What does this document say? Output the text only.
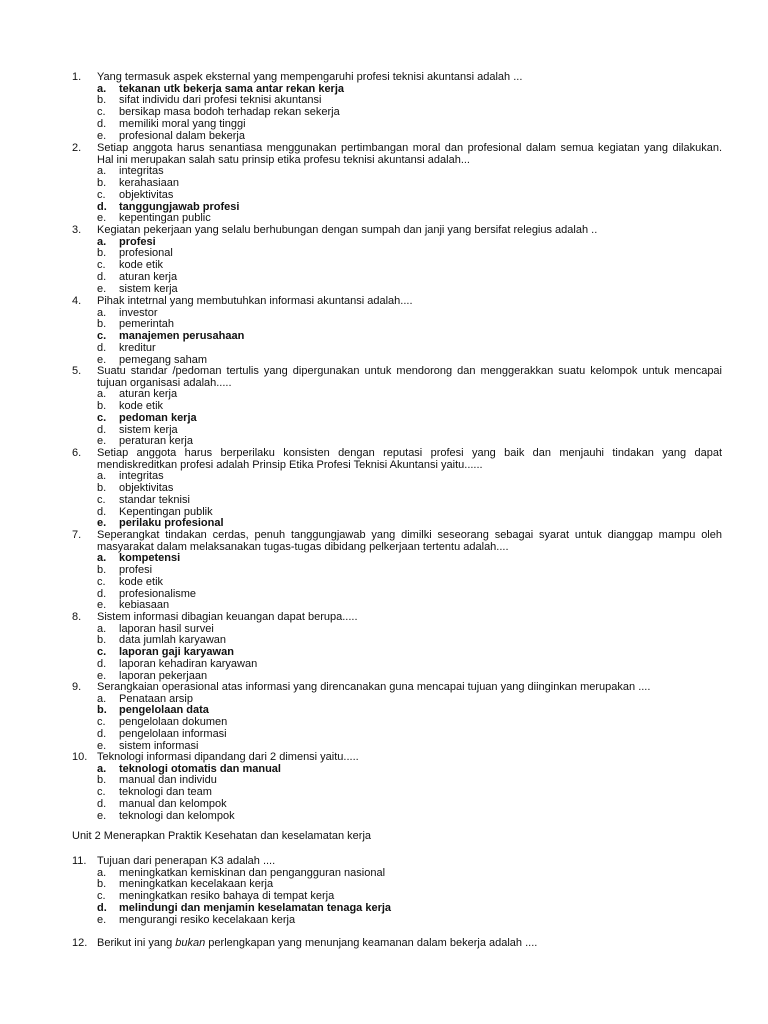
1.	Yang termasuk aspek eksternal yang mempengaruhi profesi teknisi akuntansi adalah ...
a.	tekanan utk bekerja sama antar rekan kerja
b.	sifat individu dari profesi teknisi akuntansi
c.	bersikap masa bodoh terhadap rekan sekerja
d.	memiliki moral yang tinggi
e.	profesional dalam bekerja
2.	Setiap anggota harus senantiasa menggunakan pertimbangan moral dan profesional dalam semua kegiatan yang dilakukan. Hal ini merupakan salah satu prinsip etika profesu teknisi akuntansi adalah...
a.	integritas
b.	kerahasiaan
c.	objektivitas
d.	tanggungjawab profesi
e.	kepentingan public
3.	Kegiatan pekerjaan yang selalu berhubungan dengan sumpah dan janji yang bersifat relegius adalah ..
a.	profesi
b.	profesional
c.	kode etik
d.	aturan kerja
e.	sistem kerja
4.	Pihak intetrnal yang membutuhkan informasi akuntansi adalah....
a.	investor
b.	pemerintah
c.	manajemen perusahaan
d.	kreditur
e.	pemegang saham
5.	Suatu standar /pedoman tertulis yang dipergunakan untuk mendorong dan menggerakkan suatu kelompok untuk mencapai tujuan organisasi adalah.....
a.	aturan kerja
b.	kode etik
c.	pedoman kerja
d.	sistem kerja
e.	peraturan kerja
6.	Setiap anggota harus berperilaku konsisten dengan reputasi profesi yang baik dan menjauhi tindakan yang dapat mendiskreditkan profesi adalah Prinsip Etika Profesi Teknisi Akuntansi yaitu......
a.	integritas
b.	objektivitas
c.	standar teknisi
d.	Kepentingan publik
e.	perilaku profesional
7.	Seperangkat tindakan cerdas, penuh tanggungjawab yang dimilki seseorang sebagai syarat untuk dianggap mampu oleh masyarakat dalam melaksanakan tugas-tugas dibidang pelkerjaan tertentu adalah....
a.	kompetensi
b.	profesi
c.	kode etik
d.	profesionalisme
e.	kebiasaan
8.	Sistem informasi dibagian keuangan dapat berupa.....
a.	laporan hasil survei
b.	data jumlah karyawan
c.	laporan gaji karyawan
d.	laporan kehadiran karyawan
e.	laporan pekerjaan
9.	Serangkaian operasional atas informasi yang direncanakan guna mencapai tujuan yang diinginkan merupakan ....
a.	Penataan arsip
b.	pengelolaan data
c.	pengelolaan dokumen
d.	pengelolaan informasi
e.	sistem informasi
10. Teknologi informasi dipandang dari 2 dimensi yaitu.....
a.	teknologi otomatis dan manual
b.	manual dan individu
c.	teknologi dan team
d.	manual dan kelompok
e.	teknologi dan kelompok
Unit 2 Menerapkan Praktik Kesehatan dan keselamatan kerja
11. Tujuan dari penerapan K3 adalah ....
a.	meningkatkan kemiskinan dan pengangguran nasional
b.	meningkatkan kecelakaan kerja
c.	meningkatkan resiko bahaya di tempat kerja
d.	melindungi dan menjamin keselamatan tenaga kerja
e.	mengurangi resiko kecelakaan kerja
12. Berikut ini yang bukan perlengkapan yang menunjang keamanan dalam bekerja adalah ....
